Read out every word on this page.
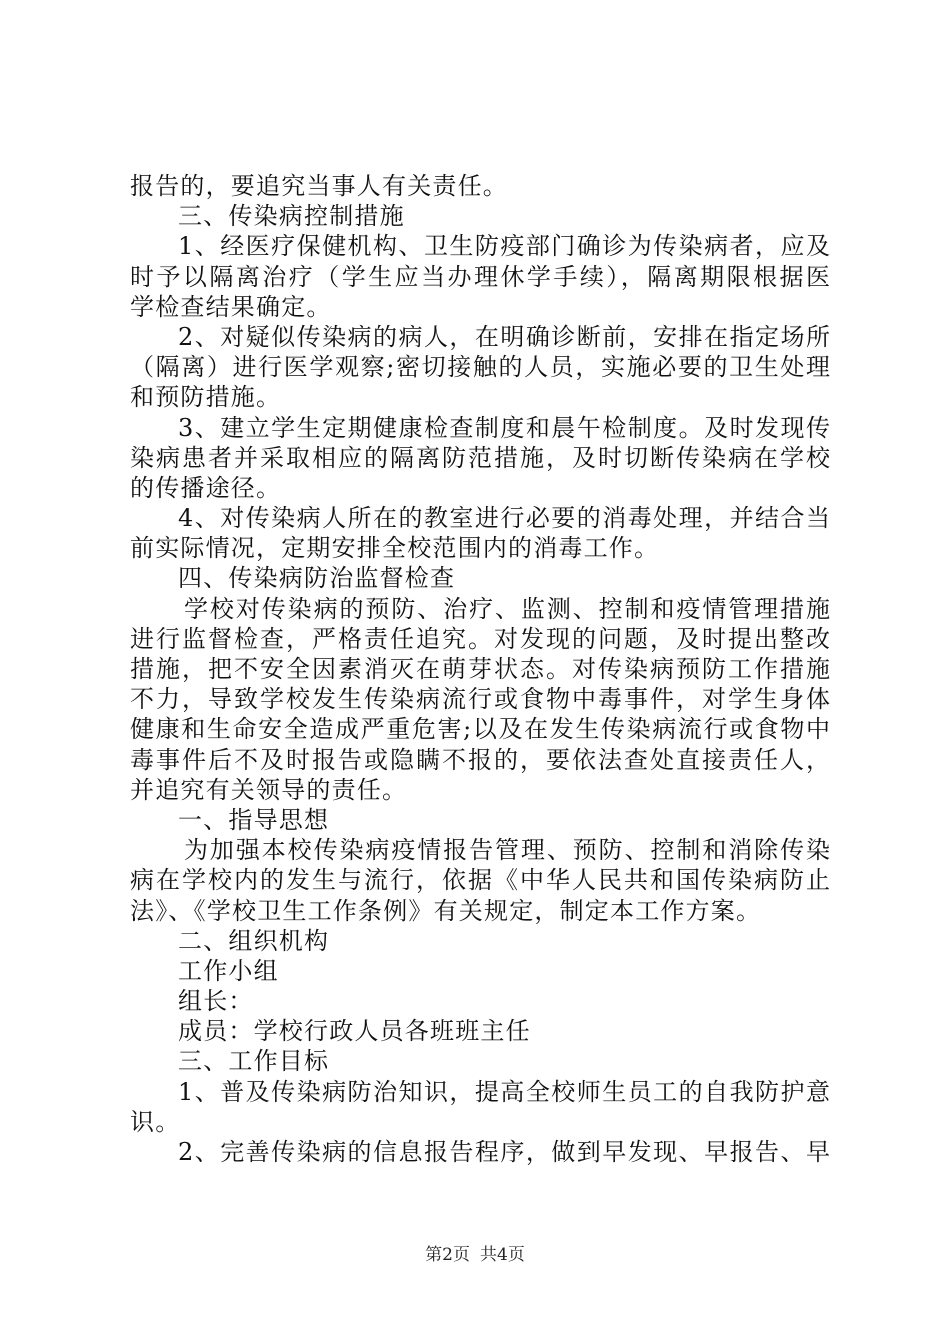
报告的，要追究当事人有关责任。
三、传染病控制措施
1、经医疗保健机构、卫生防疫部门确诊为传染病者，应及
时予以隔离治疗（学生应当办理休学手续），隔离期限根据医
学检查结果确定。
2、对疑似传染病的病人，在明确诊断前，安排在指定场所
（隔离）进行医学观察;密切接触的人员，实施必要的卫生处理
和预防措施。
3、建立学生定期健康检查制度和晨午检制度。及时发现传
染病患者并采取相应的隔离防范措施，及时切断传染病在学校
的传播途径。
4、对传染病人所在的教室进行必要的消毒处理，并结合当
前实际情况，定期安排全校范围内的消毒工作。
四、传染病防治监督检查
学校对传染病的预防、治疗、监测、控制和疫情管理措施
进行监督检查，严格责任追究。对发现的问题，及时提出整改
措施，把不安全因素消灭在萌芽状态。对传染病预防工作措施
不力，导致学校发生传染病流行或食物中毒事件，对学生身体
健康和生命安全造成严重危害;以及在发生传染病流行或食物中
毒事件后不及时报告或隐瞒不报的，要依法查处直接责任人，
并追究有关领导的责任。
一、指导思想
为加强本校传染病疫情报告管理、预防、控制和消除传染
病在学校内的发生与流行，依据《中华人民共和国传染病防止
法》、《学校卫生工作条例》有关规定，制定本工作方案。
二、组织机构
工作小组
组长：
成员：学校行政人员各班班主任
三、工作目标
1、普及传染病防治知识，提高全校师生员工的自我防护意
识。
2、完善传染病的信息报告程序，做到早发现、早报告、早
第2页 共4页
